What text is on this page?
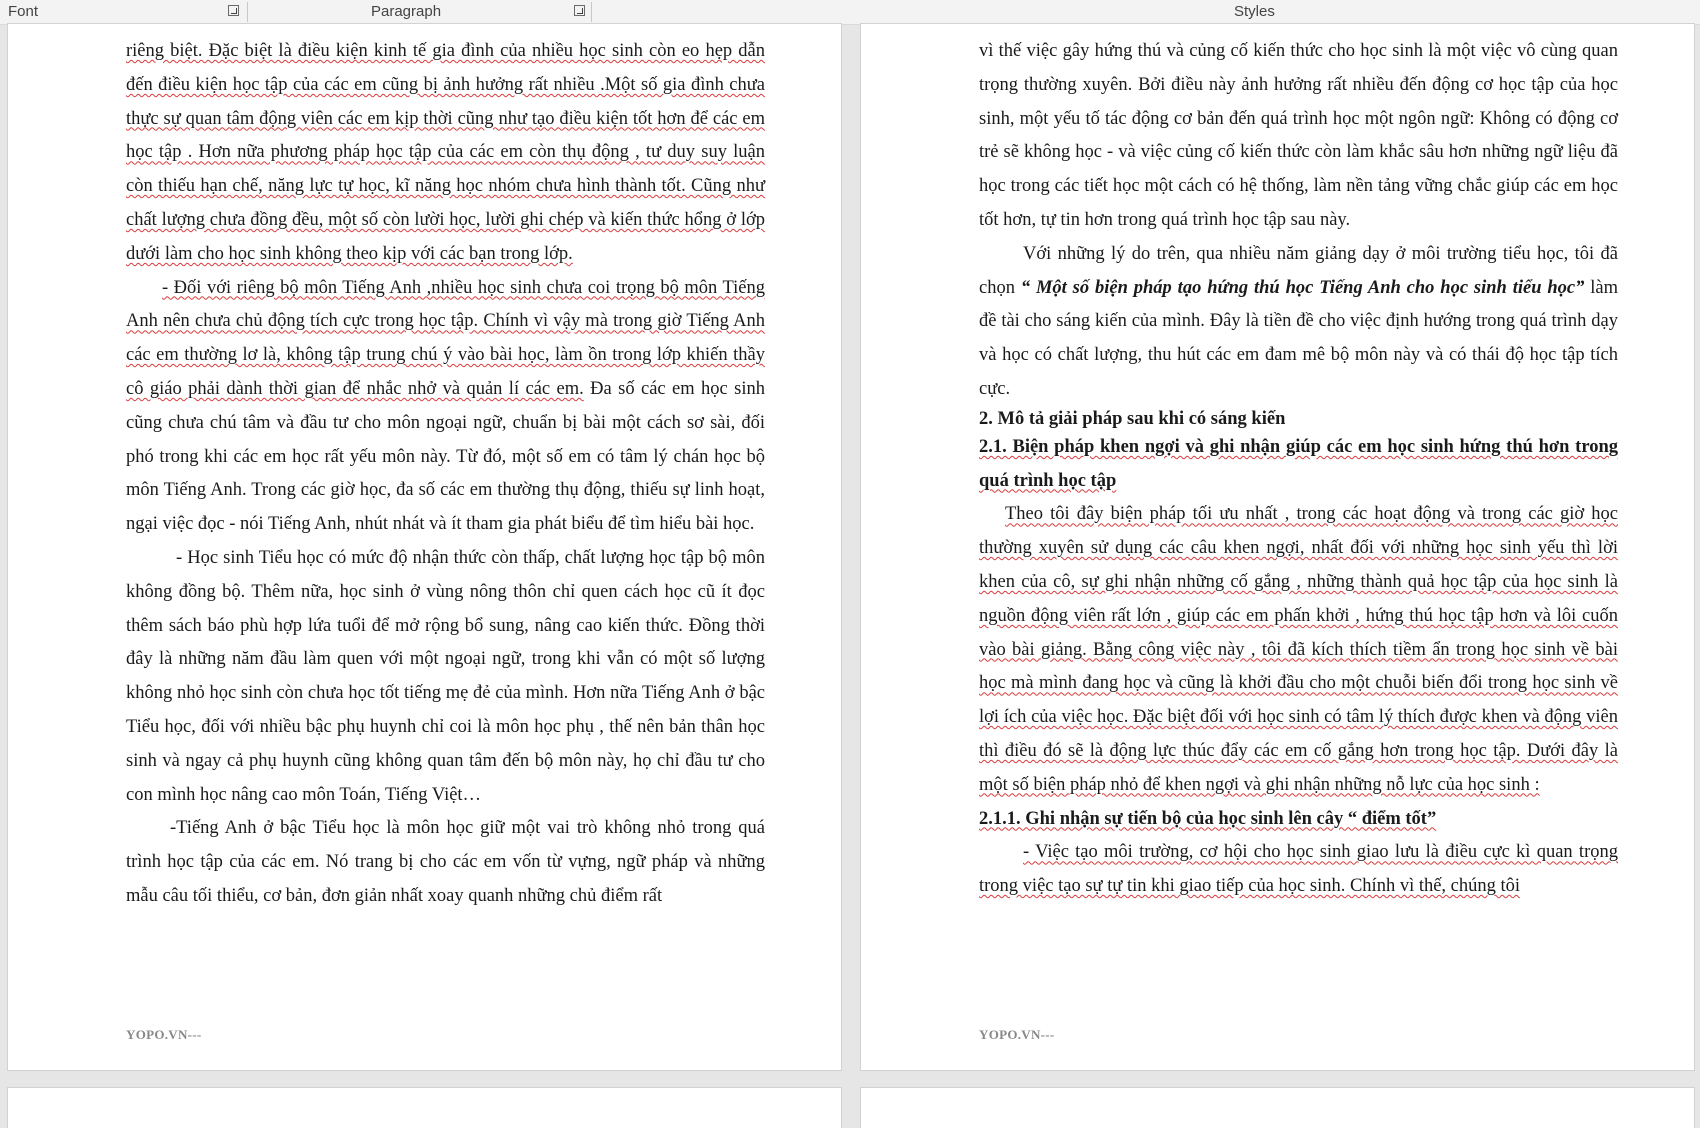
Font	Paragraph	Styles

riêng biệt. Đặc biệt là điều kiện kinh tế gia đình của nhiều học sinh còn eo hẹp dẫn đến điều kiện học tập của các em cũng bị ảnh hưởng rất nhiều .Một số gia đình chưa thực sự quan tâm động viên các em kịp thời cũng như tạo điều kiện tốt hơn để các em học tập . Hơn nữa phương pháp học tập của các em còn thụ động , tư duy suy luận còn thiếu hạn chế, năng lực tự học, kĩ năng học nhóm chưa hình thành tốt. Cũng như chất lượng chưa đồng đều, một số còn lười học, lười ghi chép và kiến thức hổng ở lớp dưới làm cho học sinh không theo kịp với các bạn trong lớp.

- Đối với riêng bộ môn Tiếng Anh ,nhiều học sinh chưa coi trọng bộ môn Tiếng Anh nên chưa chủ động tích cực trong học tập. Chính vì vậy mà trong giờ Tiếng Anh các em thường lơ là, không tập trung chú ý vào bài học, làm ồn trong lớp khiến thầy cô giáo phải dành thời gian để nhắc nhở và quản lí các em. Đa số các em học sinh cũng chưa chú tâm và đầu tư cho môn ngoại ngữ, chuẩn bị bài một cách sơ sài, đối phó trong khi các em học rất yếu môn này. Từ đó, một số em có tâm lý chán học bộ môn Tiếng Anh. Trong các giờ học, đa số các em thường thụ động, thiếu sự linh hoạt, ngại việc đọc - nói Tiếng Anh, nhút nhát và ít tham gia phát biểu để tìm hiểu bài học.

- Học sinh Tiểu học có mức độ nhận thức còn thấp, chất lượng học tập bộ môn không đồng bộ. Thêm nữa, học sinh ở vùng nông thôn chỉ quen cách học cũ ít đọc thêm sách báo phù hợp lứa tuổi để mở rộng bổ sung, nâng cao kiến thức. Đồng thời đây là những năm đầu làm quen với một ngoại ngữ, trong khi vẫn có một số lượng không nhỏ học sinh còn chưa học tốt tiếng mẹ đẻ của mình. Hơn nữa Tiếng Anh ở bậc Tiểu học, đối với nhiều bậc phụ huynh chỉ coi là môn học phụ , thế nên bản thân học sinh và ngay cả phụ huynh cũng không quan tâm đến bộ môn này, họ chỉ đầu tư cho con mình học nâng cao môn Toán, Tiếng Việt…

-Tiếng Anh ở bậc Tiểu học là môn học giữ một vai trò không nhỏ trong quá trình học tập của các em. Nó trang bị cho các em vốn từ vựng, ngữ pháp và những mẫu câu tối thiểu, cơ bản, đơn giản nhất xoay quanh những chủ điểm rất

YOPO.VN---

vì thế việc gây hứng thú và củng cố kiến thức cho học sinh là một việc vô cùng quan trọng thường xuyên. Bởi điều này ảnh hưởng rất nhiều đến động cơ học tập của học sinh, một yếu tố tác động cơ bản đến quá trình học một ngôn ngữ: Không có động cơ trẻ sẽ không học - và việc củng cố kiến thức còn làm khắc sâu hơn những ngữ liệu đã học trong các tiết học một cách có hệ thống, làm nền tảng vững chắc giúp các em học tốt hơn, tự tin hơn trong quá trình học tập sau này.

Với những lý do trên, qua nhiều năm giảng dạy ở môi trường tiểu học, tôi đã chọn “ Một số biện pháp tạo hứng thú học Tiếng Anh cho học sinh tiểu học” làm đề tài cho sáng kiến của mình. Đây là tiền đề cho việc định hướng trong quá trình dạy và học có chất lượng, thu hút các em đam mê bộ môn này và có thái độ học tập tích cực.

2. Mô tả giải pháp sau khi có sáng kiến

2.1. Biện pháp khen ngợi và ghi nhận giúp các em học sinh hứng thú hơn trong quá trình học tập

Theo tôi đây biện pháp tối ưu nhất , trong các hoạt động và trong các giờ học thường xuyên sử dụng các câu khen ngợi, nhất đối với những học sinh yếu thì lời khen của cô, sự ghi nhận những cố gắng , những thành quả học tập của học sinh là nguồn động viên rất lớn , giúp các em phấn khởi , hứng thú học tập hơn và lôi cuốn vào bài giảng. Bằng công việc này , tôi đã kích thích tiềm ẩn trong học sinh về bài học mà mình đang học và cũng là khởi đầu cho một chuỗi biến đổi trong học sinh về lợi ích của việc học. Đặc biệt đối với học sinh có tâm lý thích được khen và động viên thì điều đó sẽ là động lực thúc đẩy các em cố gắng hơn trong học tập. Dưới đây là một số biện pháp nhỏ để khen ngợi và ghi nhận những nỗ lực của học sinh :

2.1.1. Ghi nhận sự tiến bộ của học sinh lên cây “ điểm tốt”

- Việc tạo môi trường, cơ hội cho học sinh giao lưu là điều cực kì quan trọng trong việc tạo sự tự tin khi giao tiếp của học sinh. Chính vì thế, chúng tôi

YOPO.VN---
